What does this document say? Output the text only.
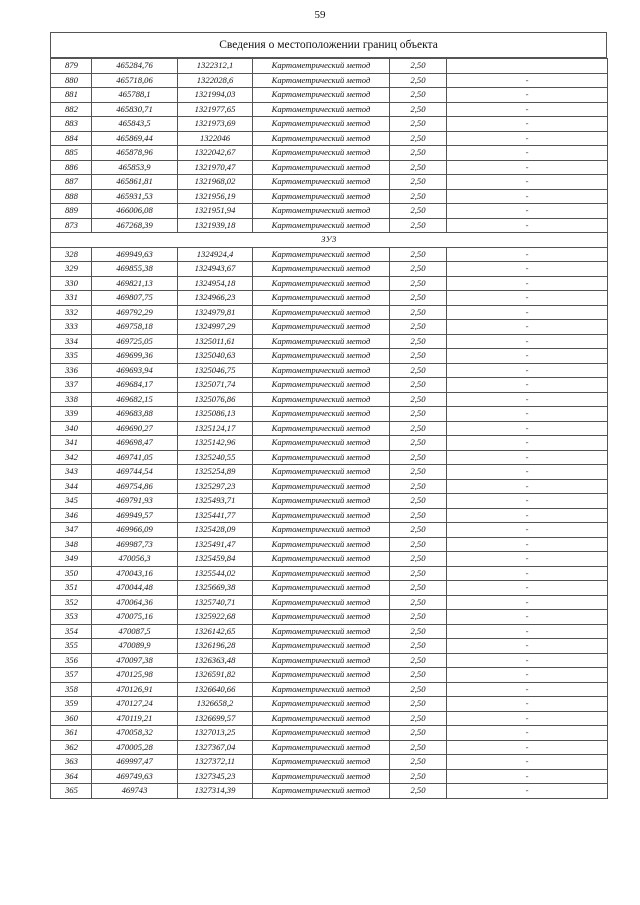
59
Сведения о местоположении границ объекта
879	465284,76	1322312,1	Картометрический метод	2,50	
880	465718,06	1322028,6	Картометрический метод	2,50	-
881	465788,1	1321994,03	Картометрический метод	2,50	-
882	465830,71	1321977,65	Картометрический метод	2,50	-
883	465843,5	1321973,69	Картометрический метод	2,50	-
884	465869,44	1322046	Картометрический метод	2,50	-
885	465878,96	1322042,67	Картометрический метод	2,50	-
886	465853,9	1321970,47	Картометрический метод	2,50	-
887	465861,81	1321968,02	Картометрический метод	2,50	-
888	465931,53	1321956,19	Картометрический метод	2,50	-
889	466006,08	1321951,94	Картометрический метод	2,50	-
873	467268,39	1321939,18	Картометрический метод	2,50	-
ЗУ3					
328	469949,63	1324924,4	Картометрический метод	2,50	-
329	469855,38	1324943,67	Картометрический метод	2,50	-
330	469821,13	1324954,18	Картометрический метод	2,50	-
331	469807,75	1324966,23	Картометрический метод	2,50	-
332	469792,29	1324979,81	Картометрический метод	2,50	-
333	469758,18	1324997,29	Картометрический метод	2,50	-
334	469725,05	1325011,61	Картометрический метод	2,50	-
335	469699,36	1325040,63	Картометрический метод	2,50	-
336	469693,94	1325046,75	Картометрический метод	2,50	-
337	469684,17	1325071,74	Картометрический метод	2,50	-
338	469682,15	1325076,86	Картометрический метод	2,50	-
339	469683,88	1325086,13	Картометрический метод	2,50	-
340	469690,27	1325124,17	Картометрический метод	2,50	-
341	469698,47	1325142,96	Картометрический метод	2,50	-
342	469741,05	1325240,55	Картометрический метод	2,50	-
343	469744,54	1325254,89	Картометрический метод	2,50	-
344	469754,86	1325297,23	Картометрический метод	2,50	-
345	469791,93	1325493,71	Картометрический метод	2,50	-
346	469949,57	1325441,77	Картометрический метод	2,50	-
347	469966,09	1325428,09	Картометрический метод	2,50	-
348	469987,73	1325491,47	Картометрический метод	2,50	-
349	470056,3	1325459,84	Картометрический метод	2,50	-
350	470043,16	1325544,02	Картометрический метод	2,50	-
351	470044,48	1325669,38	Картометрический метод	2,50	-
352	470064,36	1325740,71	Картометрический метод	2,50	-
353	470075,16	1325922,68	Картометрический метод	2,50	-
354	470087,5	1326142,65	Картометрический метод	2,50	-
355	470089,9	1326196,28	Картометрический метод	2,50	-
356	470097,38	1326363,48	Картометрический метод	2,50	-
357	470125,98	1326591,82	Картометрический метод	2,50	-
358	470126,91	1326640,66	Картометрический метод	2,50	-
359	470127,24	1326658,2	Картометрический метод	2,50	-
360	470119,21	1326699,57	Картометрический метод	2,50	-
361	470058,32	1327013,25	Картометрический метод	2,50	-
362	470005,28	1327367,04	Картометрический метод	2,50	-
363	469997,47	1327372,11	Картометрический метод	2,50	-
364	469749,63	1327345,23	Картометрический метод	2,50	-
365	469743	1327314,39	Картометрический метод	2,50	-
